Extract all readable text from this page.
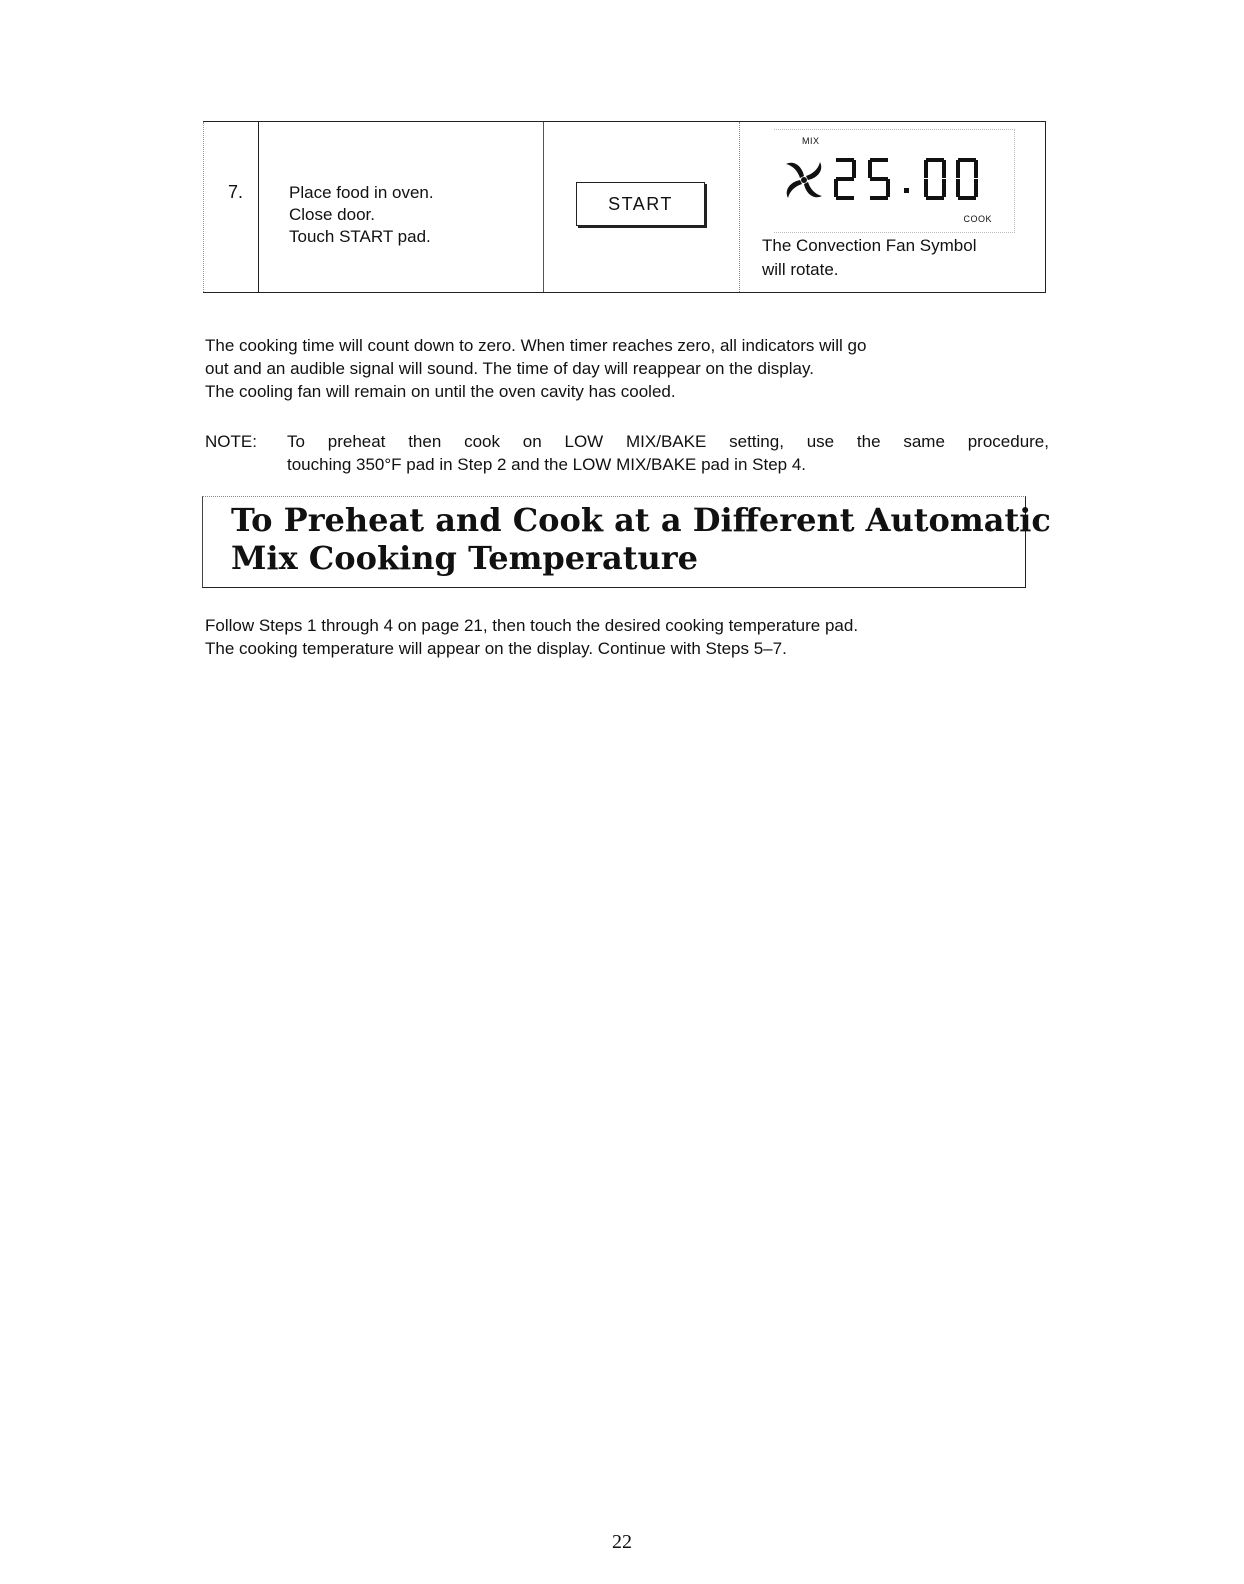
7.	Place food in oven.
Close door.
Touch START pad.
START
MIX
COOK
The Convection Fan Symbol
will rotate.
The cooking time will count down to zero. When timer reaches zero, all indicators will go
out and an audible signal will sound. The time of day will reappear on the display.
The cooling fan will remain on until the oven cavity has cooled.
NOTE: To preheat then cook on LOW MIX/BAKE setting, use the same procedure,
touching 350°F pad in Step 2 and the LOW MIX/BAKE pad in Step 4.
To Preheat and Cook at a Different Automatic
Mix Cooking Temperature
Follow Steps 1 through 4 on page 21, then touch the desired cooking temperature pad.
The cooking temperature will appear on the display. Continue with Steps 5–7.
22
